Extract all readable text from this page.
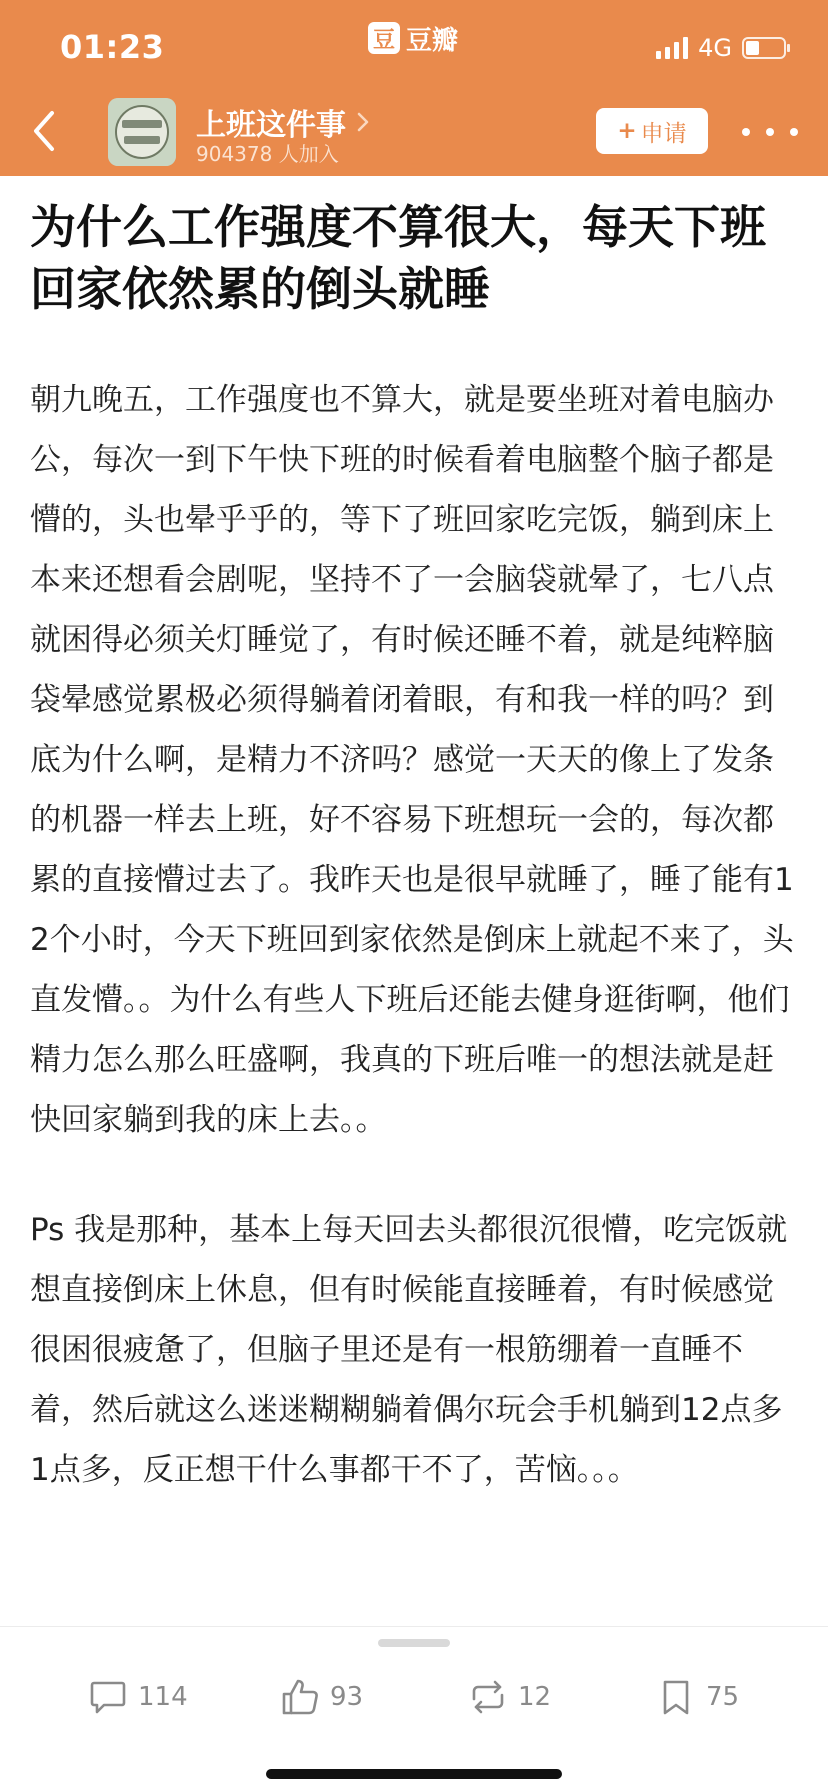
01:23	豆 豆瓣	4G
上班这件事
904378 人加入
+ 申请
为什么工作强度不算很大，每天下班回家依然累的倒头就睡

朝九晚五，工作强度也不算大，就是要坐班对着电脑办公，每次一到下午快下班的时候看着电脑整个脑子都是懵的，头也晕乎乎的，等下了班回家吃完饭，躺到床上本来还想看会剧呢，坚持不了一会脑袋就晕了，七八点就困得必须关灯睡觉了，有时候还睡不着，就是纯粹脑袋晕感觉累极必须得躺着闭着眼，有和我一样的吗？到底为什么啊，是精力不济吗？感觉一天天的像上了发条的机器一样去上班，好不容易下班想玩一会的，每次都累的直接懵过去了。我昨天也是很早就睡了，睡了能有12个小时，今天下班回到家依然是倒床上就起不来了，头直发懵。。为什么有些人下班后还能去健身逛街啊，他们精力怎么那么旺盛啊，我真的下班后唯一的想法就是赶快回家躺到我的床上去。。

Ps 我是那种，基本上每天回去头都很沉很懵，吃完饭就想直接倒床上休息，但有时候能直接睡着，有时候感觉很困很疲惫了，但脑子里还是有一根筋绷着一直睡不着，然后就这么迷迷糊糊躺着偶尔玩会手机躺到12点多1点多，反正想干什么事都干不了，苦恼。。。

114	93	12	75
